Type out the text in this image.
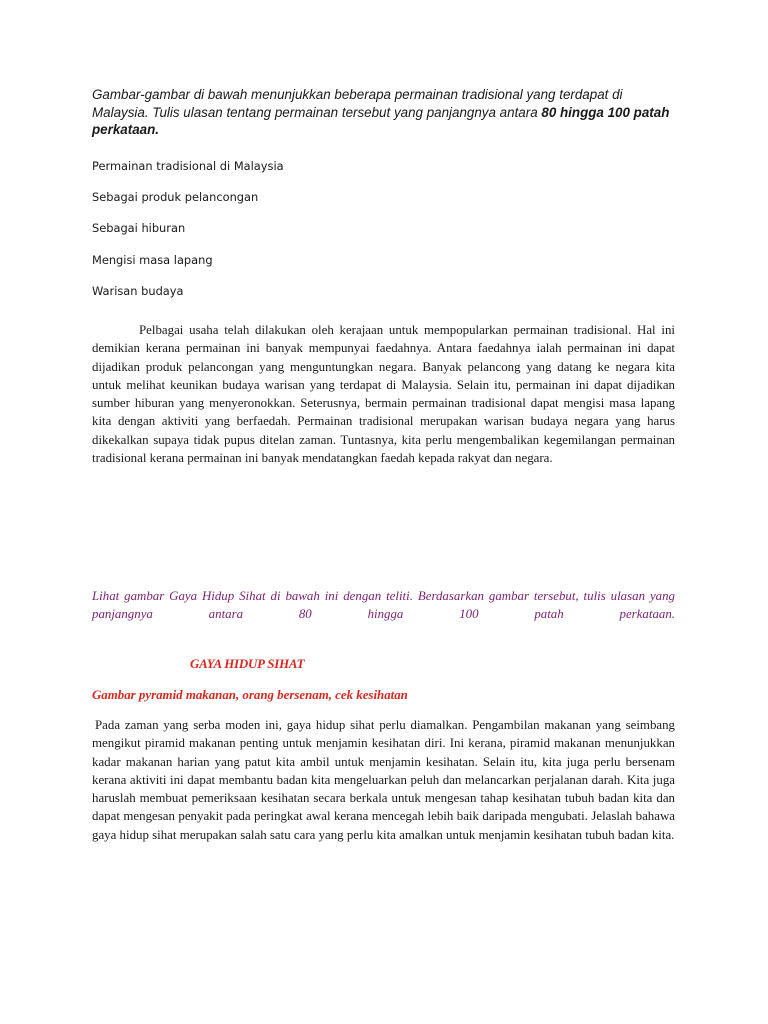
Gambar-gambar di bawah menunjukkan beberapa permainan tradisional yang terdapat di Malaysia. Tulis ulasan tentang permainan tersebut yang panjangnya antara 80 hingga 100 patah perkataan.

Permainan tradisional di Malaysia
Sebagai produk pelancongan
Sebagai hiburan
Mengisi masa lapang
Warisan budaya

Pelbagai usaha telah dilakukan oleh kerajaan untuk mempopularkan permainan tradisional. Hal ini demikian kerana permainan ini banyak mempunyai faedahnya. Antara faedahnya ialah permainan ini dapat dijadikan produk pelancongan yang menguntungkan negara. Banyak pelancong yang datang ke negara kita untuk melihat keunikan budaya warisan yang terdapat di Malaysia. Selain itu, permainan ini dapat dijadikan sumber hiburan yang menyeronokkan. Seterusnya, bermain permainan tradisional dapat mengisi masa lapang kita dengan aktiviti yang berfaedah. Permainan tradisional merupakan warisan budaya negara yang harus dikekalkan supaya tidak pupus ditelan zaman. Tuntasnya, kita perlu mengembalikan kegemilangan permainan tradisional kerana permainan ini banyak mendatangkan faedah kepada rakyat dan negara.

Lihat gambar Gaya Hidup Sihat di bawah ini dengan teliti. Berdasarkan gambar tersebut, tulis ulasan yang panjangnya antara 80 hingga 100 patah perkataan.

GAYA HIDUP SIHAT

Gambar pyramid makanan, orang bersenam, cek kesihatan

Pada zaman yang serba moden ini, gaya hidup sihat perlu diamalkan. Pengambilan makanan yang seimbang mengikut piramid makanan penting untuk menjamin kesihatan diri. Ini kerana, piramid makanan menunjukkan kadar makanan harian yang patut kita ambil untuk menjamin kesihatan. Selain itu, kita juga perlu bersenam kerana aktiviti ini dapat membantu badan kita mengeluarkan peluh dan melancarkan perjalanan darah. Kita juga haruslah membuat pemeriksaan kesihatan secara berkala untuk mengesan tahap kesihatan tubuh badan kita dan dapat mengesan penyakit pada peringkat awal kerana mencegah lebih baik daripada mengubati. Jelaslah bahawa gaya hidup sihat merupakan salah satu cara yang perlu kita amalkan untuk menjamin kesihatan tubuh badan kita.
